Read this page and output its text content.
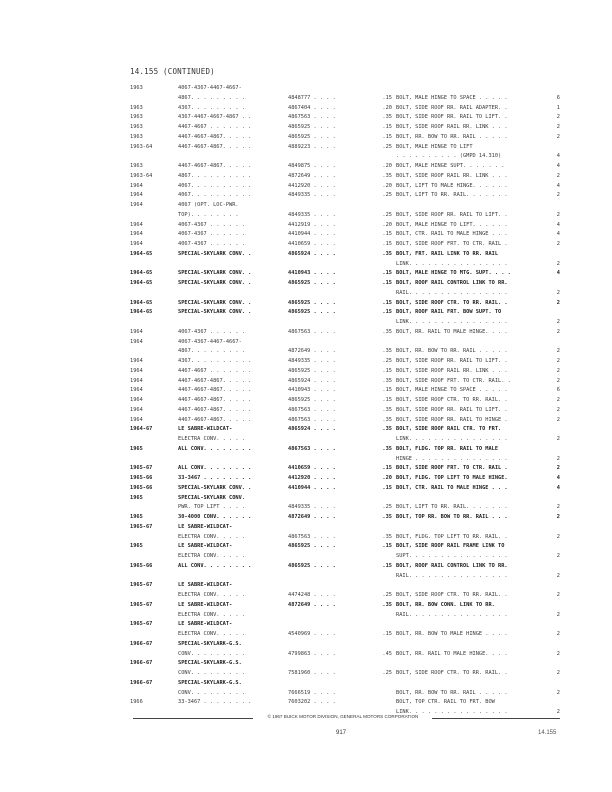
14.155 (CONTINUED)
1963	4067-4367-4467-4667-
4867. . . . . . . . .	4848777 . . . .	.15 BOLT, MALE HINGE TO SPACE . . . . .	6
1963	4367. . . . . . . . .	4867404 . . . .	.20 BOLT, SIDE ROOF RR. RAIL ADAPTER. .	1
1963	4367-4467-4667-4867 . .	4867563 . . . .	.35 BOLT, SIDE ROOF RR. RAIL TO LIFT. .	2
1963	4467-4667 . . . . . . .	4865925 . . . .	.15 BOLT, SIDE ROOF RAIL RR. LINK . . .	2
1963	4467-4667-4867. . . . .	4865925 . . . .	.15 BOLT, RR. BOW TO RR. RAIL . . . . .	2
1963-64	4467-4667-4867. . . . .	4889223 . . . .	.25 BOLT, MALE HINGE TO LIFT
. . . . . . . . . . (GMPD 14.310)	4
1963	4467-4667-4867. . . . .	4849875 . . . .	.20 BOLT, MALE HINGE SUPT. . . . . . .	4
1963-64	4867. . . . . . . . . .	4872649 . . . .	.35 BOLT, SIDE ROOF RAIL RR. LINK . . .	2
1964	4067. . . . . . . . . .	4412920 . . . .	.20 BOLT, LIFT TO MALE HINGE. . . . . .	4
1964	4067. . . . . . . . . .	4849335 . . . .	.25 BOLT, LIFT TO RR. RAIL. . . . . . .	2
1964	4067 (OPT. LOC-PWR.
TOP). . . . . . . .	4849335 . . . .	.25 BOLT, SIDE ROOF RR. RAIL TO LIFT. .	2
1964	4067-4367 . . . . . .	4412919 . . . .	.20 BOLT, MALE HINGE TO LIFT. . . . . .	4
1964	4067-4367 . . . . . .	4410944 . . . .	.15 BOLT, CTR. RAIL TO MALE HINGE . . .	4
1964	4067-4367 . . . . . .	4410659 . . . .	.15 BOLT, SIDE ROOF FRT. TO CTR. RAIL .	2
1964-65	SPECIAL-SKYLARK CONV. .	4865924 . . . .	.35 BOLT, FRT. RAIL LINK TO RR. RAIL
LINK. . . . . . . . . . . . . . . .	2
1964-65	SPECIAL-SKYLARK CONV. .	4410943 . . . .	.15 BOLT, MALE HINGE TO MTG. SUPT. . . .	4
1964-65	SPECIAL-SKYLARK CONV. .	4865925 . . . .	.15 BOLT, ROOF RAIL CONTROL LINK TO RR.
RAIL. . . . . . . . . . . . . . . .	2
1964-65	SPECIAL-SKYLARK CONV. .	4865925 . . . .	.15 BOLT, SIDE ROOF CTR. TO RR. RAIL. .	2
1964-65	SPECIAL-SKYLARK CONV. .	4865925 . . . .	.15 BOLT, ROOF RAIL FRT. BOW SUPT. TO
LINK. . . . . . . . . . . . . . . .	2
1964	4067-4367 . . . . . .	4867563 . . . .	.35 BOLT, RR. RAIL TO MALE HINGE. . . .	2
1964	4067-4367-4467-4667-
4867. . . . . . . . .	4872649 . . . .	.35 BOLT, RR. BOW TO RR. RAIL . . . . .	2
1964	4367. . . . . . . . . .	4849335 . . . .	.25 BOLT, SIDE ROOF RR. RAIL TO LIFT. .	2
1964	4467-4667 . . . . . . .	4865925 . . . .	.15 BOLT, SIDE ROOF RAIL RR. LINK . . .	2
1964	4467-4667-4867. . . . .	4865924 . . . .	.35 BOLT, SIDE ROOF FRT. TO CTR. RAIL. .	2
1964	4467-4667-4867. . . . .	4410943 . . . .	.15 BOLT, MALE HINGE TO SPACE . . . . .	6
1964	4467-4667-4867. . . . .	4865925 . . . .	.15 BOLT, SIDE ROOF CTR. TO RR. RAIL. .	2
1964	4467-4667-4867. . . . .	4867563 . . . .	.35 BOLT, SIDE ROOF RR. RAIL TO LIFT. .	2
1964	4467-4667-4867. . . . .	4867563 . . . .	.35 BOLT, SIDE ROOF RR. RAIL TO HINGE .	2
1964-67	LE SABRE-WILDCAT-	4865924 . . . .	.35 BOLT, SIDE ROOF RAIL CTR. TO FRT.
ELECTRA CONV. . . . .	LINK. . . . . . . . . . . . . . . .	2
1965	ALL CONV. . . . . . . .	4867563 . . . .	.35 BOLT, FLDG. TOP RR. RAIL TO MALE
HINGE . . . . . . . . . . . . . . .	2
1965-67	ALL CONV. . . . . . . .	4410659 . . . .	.15 BOLT, SIDE ROOF FRT. TO CTR. RAIL .	2
1965-66	33-3467 . . . . . . . .	4412920 . . . .	.20 BOLT, FLDG. TOP LIFT TO MALE HINGE.	4
1965-66	SPECIAL-SKYLARK CONV. .	4410944 . . . .	.15 BOLT, CTR. RAIL TO MALE HINGE . . .	4
1965	SPECIAL-SKYLARK CONV.
PWR. TOP LIFT . . . .	4849335 . . . .	.25 BOLT, LIFT TO RR. RAIL. . . . . . .	2
1965	30-4000 CONV. . . . . .	4872649 . . . .	.35 BOLT, TOP RR. BOW TO RR. RAIL . . .	2
1965-67	LE SABRE-WILDCAT-
ELECTRA CONV. . . . .	4867563 . . . .	.35 BOLT, FLDG. TOP LIFT TO RR. RAIL. .	2
1965	LE SABRE-WILDCAT-	4865925 . . . .	.15 BOLT, SIDE ROOF RAIL FRAME LINK TO
ELECTRA CONV. . . . .	SUPT. . . . . . . . . . . . . . . .	2
1965-66	ALL CONV. . . . . . . .	4865925 . . . .	.15 BOLT, ROOF RAIL CONTROL LINK TO RR.
RAIL. . . . . . . . . . . . . . . .	2
1965-67	LE SABRE-WILDCAT-
ELECTRA CONV. . . . .	4474248 . . . .	.25 BOLT, SIDE ROOF CTR. TO RR. RAIL. .	2
1965-67	LE SABRE-WILDCAT-	4872649 . . . .	.35 BOLT, RR. BOW CONN. LINK TO RR.
ELECTRA CONV. . . . .	RAIL. . . . . . . . . . . . . . . .	2
1965-67	LE SABRE-WILDCAT-
ELECTRA CONV. . . . .	4540969 . . . .	.15 BOLT, RR. BOW TO MALE HINGE . . . .	2
1966-67	SPECIAL-SKYLARK-G.S.
CONV. . . . . . . . .	4799863 . . . .	.45 BOLT, RR. RAIL TO MALE HINGE. . . .	2
1966-67	SPECIAL-SKYLARK-G.S.
CONV. . . . . . . . .	7581960 . . . .	.25 BOLT, SIDE ROOF CTR. TO RR. RAIL. .	2
1966-67	SPECIAL-SKYLARK-G.S.
CONV. . . . . . . . .	7666519 . . . .	BOLT, RR. BOW TO RR. RAIL . . . . .	2
1966	33-3467 . . . . . . . .	7603202 . . . .	BOLT, TOP CTR. RAIL TO FRT. BOW
LINK. . . . . . . . . . . . . . . .	2
© 1967 BUICK MOTOR DIVISION, GENERAL MOTORS CORPORATION
917	14.155
